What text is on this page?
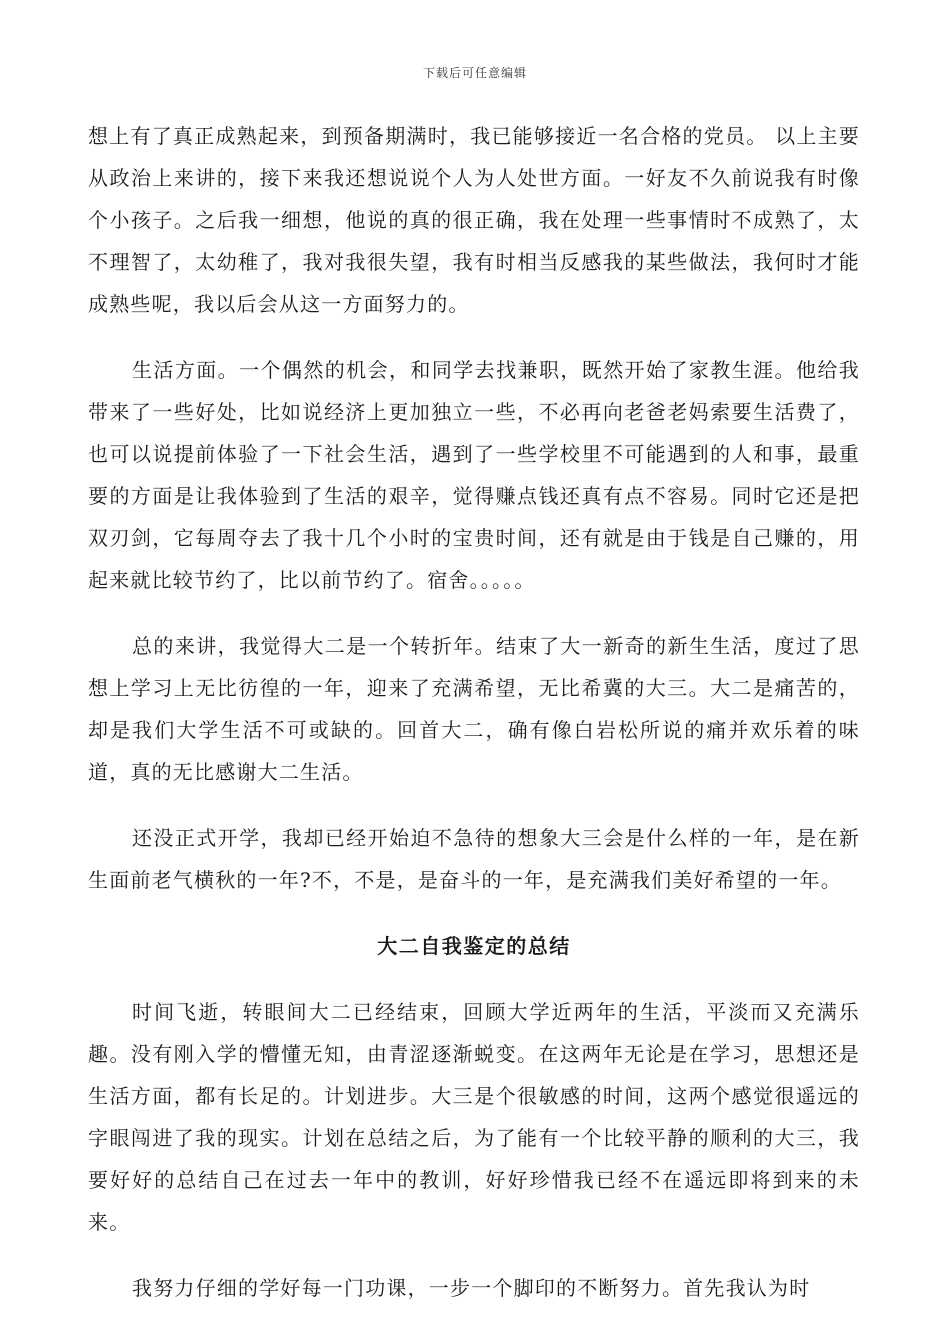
下载后可任意编辑

想上有了真正成熟起来，到预备期满时，我已能够接近一名合格的党员。 以上主要从政治上来讲的，接下来我还想说说个人为人处世方面。一好友不久前说我有时像个小孩子。之后我一细想，他说的真的很正确，我在处理一些事情时不成熟了，太不理智了，太幼稚了，我对我很失望，我有时相当反感我的某些做法，我何时才能成熟些呢，我以后会从这一方面努力的。

生活方面。一个偶然的机会，和同学去找兼职，既然开始了家教生涯。他给我带来了一些好处，比如说经济上更加独立一些，不必再向老爸老妈索要生活费了，也可以说提前体验了一下社会生活，遇到了一些学校里不可能遇到的人和事，最重要的方面是让我体验到了生活的艰辛，觉得赚点钱还真有点不容易。同时它还是把双刃剑，它每周夺去了我十几个小时的宝贵时间，还有就是由于钱是自己赚的，用起来就比较节约了，比以前节约了。宿舍。。。。。

总的来讲，我觉得大二是一个转折年。结束了大一新奇的新生生活，度过了思想上学习上无比彷徨的一年，迎来了充满希望，无比希冀的大三。大二是痛苦的，却是我们大学生活不可或缺的。回首大二，确有像白岩松所说的痛并欢乐着的味道，真的无比感谢大二生活。

还没正式开学，我却已经开始迫不急待的想象大三会是什么样的一年，是在新生面前老气横秋的一年?不，不是，是奋斗的一年，是充满我们美好希望的一年。

大二自我鉴定的总结

时间飞逝，转眼间大二已经结束，回顾大学近两年的生活，平淡而又充满乐趣。没有刚入学的懵懂无知，由青涩逐渐蜕变。在这两年无论是在学习，思想还是生活方面，都有长足的。计划进步。大三是个很敏感的时间，这两个感觉很遥远的字眼闯进了我的现实。计划在总结之后，为了能有一个比较平静的顺利的大三，我要好好的总结自己在过去一年中的教训，好好珍惜我已经不在遥远即将到来的未来。

我努力仔细的学好每一门功课，一步一个脚印的不断努力。首先我认为时
